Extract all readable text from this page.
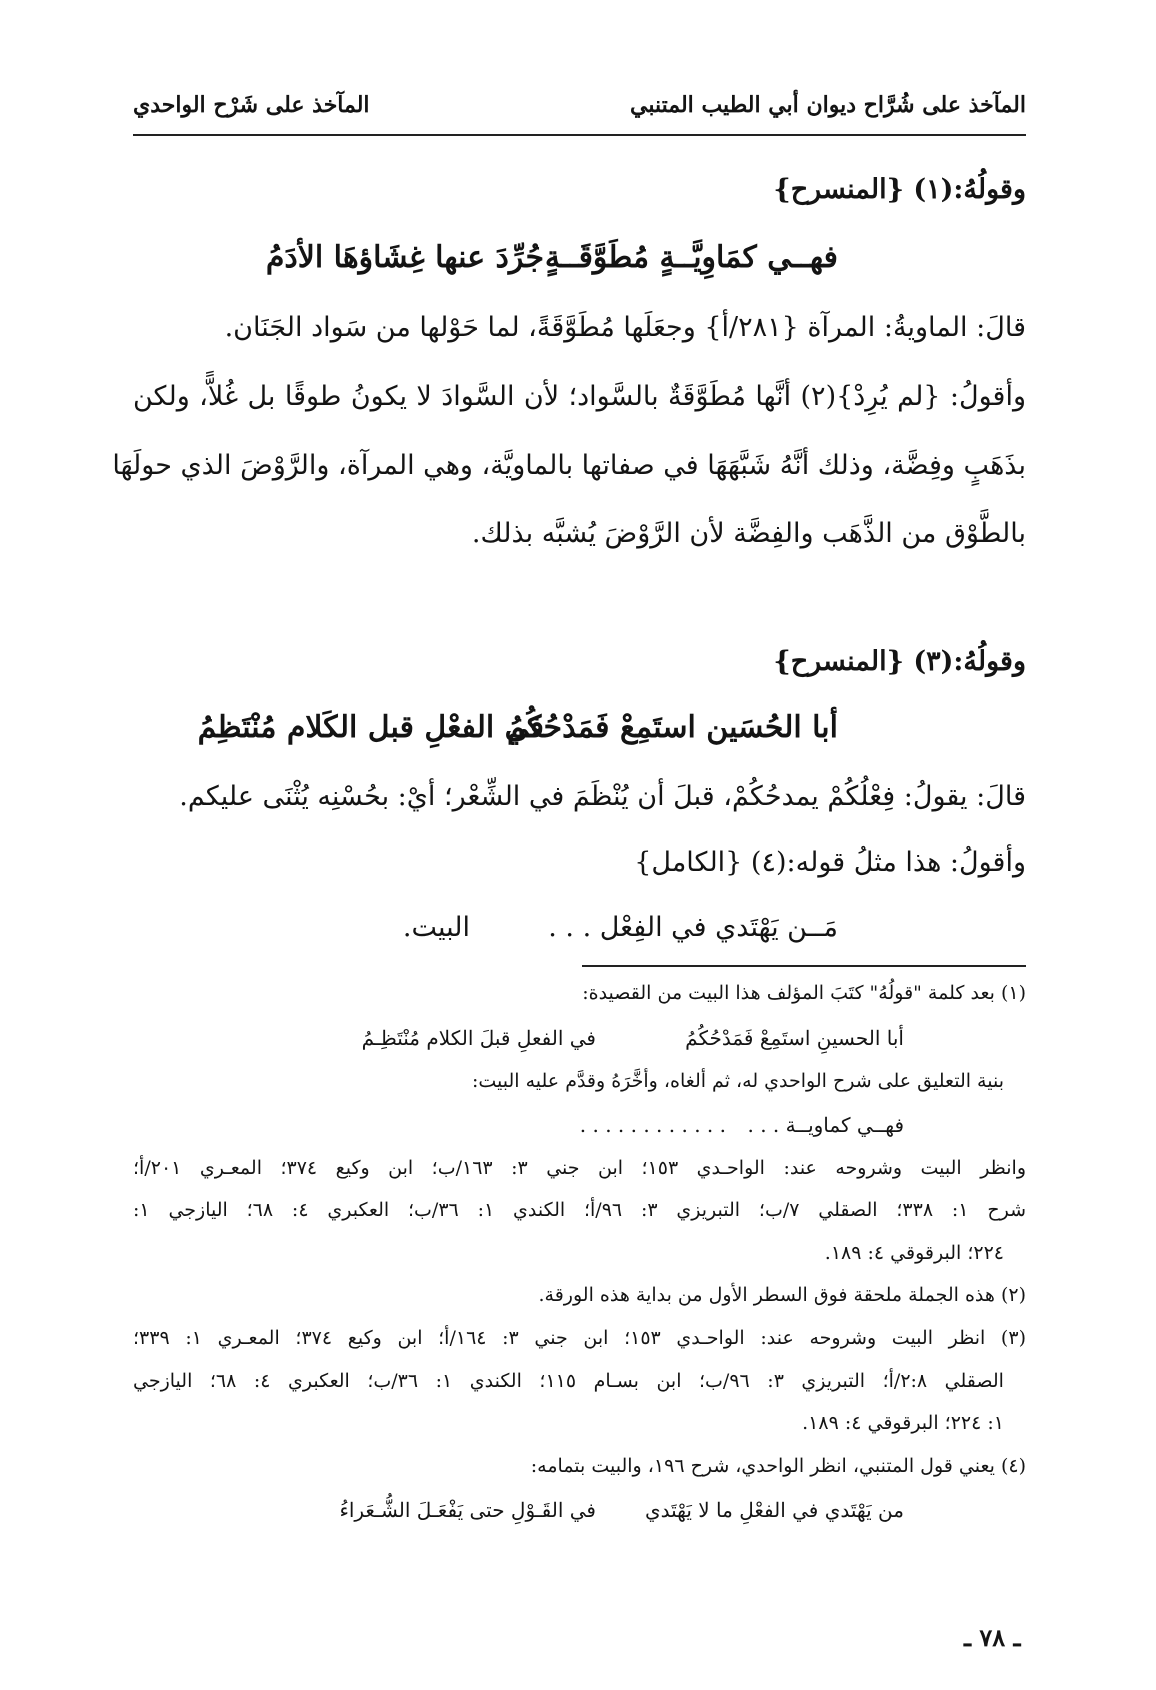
المآخذ على شُرَّاح ديوان أبي الطيب المتنبي
المآخذ على شَرْح الواحدي
وقولُهُ:(١) {المنسرح}
فهــي كمَاوِيَّــةٍ مُطَوَّقَــةٍ
جُرِّدَ عنها غِشَاؤهَا الأدَمُ
قالَ: الماويةُ: المرآة {٢٨١/أ} وجعَلَها مُطَوَّقَةً، لما حَوْلها من سَواد الجَنَان.
وأقولُ: {لم يُرِدْ}(٢) أنَّها مُطَوَّقَةٌ بالسَّواد؛ لأن السَّوادَ لا يكونُ طوقًا بل غُلاًّ، ولكن
بذَهَبٍ وفِضَّة، وذلك أنَّهُ شَبَّهَهَا في صفاتها بالماويَّة، وهي المرآة، والرَّوْضَ الذي حولَهَا
بالطَّوْق من الذَّهَب والفِضَّة لأن الرَّوْضَ يُشبَّه بذلك.
وقولُهُ:(٣) {المنسرح}
أبا الحُسَين استَمِعْ فَمَدْحُكُمُ
في الفعْلِ قبل الكَلام مُنْتَظِمُ
قالَ: يقولُ: فِعْلُكُمْ يمدحُكُمْ، قبلَ أن يُنْظَمَ في الشِّعْر؛ أيْ: بحُسْنِه يُثْنَى عليكم.
وأقولُ: هذا مثلُ قوله:(٤) {الكامل}
مَــن يَهْتَدي في الفِعْل . . .
البيت.
(١) بعد كلمة "قولُهُ" كتَبَ المؤلف هذا البيت من القصيدة:
أبا الحسينِ استَمِعْ فَمَدْحُكُمُ
في الفعلِ قبلَ الكلام مُنْتَظِـمُ
بنية التعليق على شرح الواحدي له، ثم ألغاه، وأخَّرَهُ وقدَّم عليه البيت:
فهــي كماويــة . . .
. . . . . . . . . . . .
وانظر البيت وشروحه عند: الواحـدي ١٥٣؛ ابن جني ٣: ١٦٣/ب؛ ابن وكيع ٣٧٤؛ المعـري ٢٠١/أ؛
شرح ١: ٣٣٨؛ الصقلي ٧/ب؛ التبريزي ٣: ٩٦/أ؛ الكندي ١: ٣٦/ب؛ العكبري ٤: ٦٨؛ اليازجي ١:
٢٢٤؛ البرقوقي ٤: ١٨٩.
(٢) هذه الجملة ملحقة فوق السطر الأول من بداية هذه الورقة.
(٣) انظر البيت وشروحه عند: الواحـدي ١٥٣؛ ابن جني ٣: ١٦٤/أ؛ ابن وكيع ٣٧٤؛ المعـري ١: ٣٣٩؛
الصقلي ٢:٨/أ؛ التبريزي ٣: ٩٦/ب؛ ابن بسـام ١١٥؛ الكندي ١: ٣٦/ب؛ العكبري ٤: ٦٨؛ اليازجي
١: ٢٢٤؛ البرقوقي ٤: ١٨٩.
(٤) يعني قول المتنبي، انظر الواحدي، شرح ١٩٦، والبيت بتمامه:
من يَهْتَدي في الفعْلِ ما لا يَهْتَدي
في القَـوْلِ حتى يَفْعَـلَ الشُّـعَراءُ
ـ ٧٨ ـ
